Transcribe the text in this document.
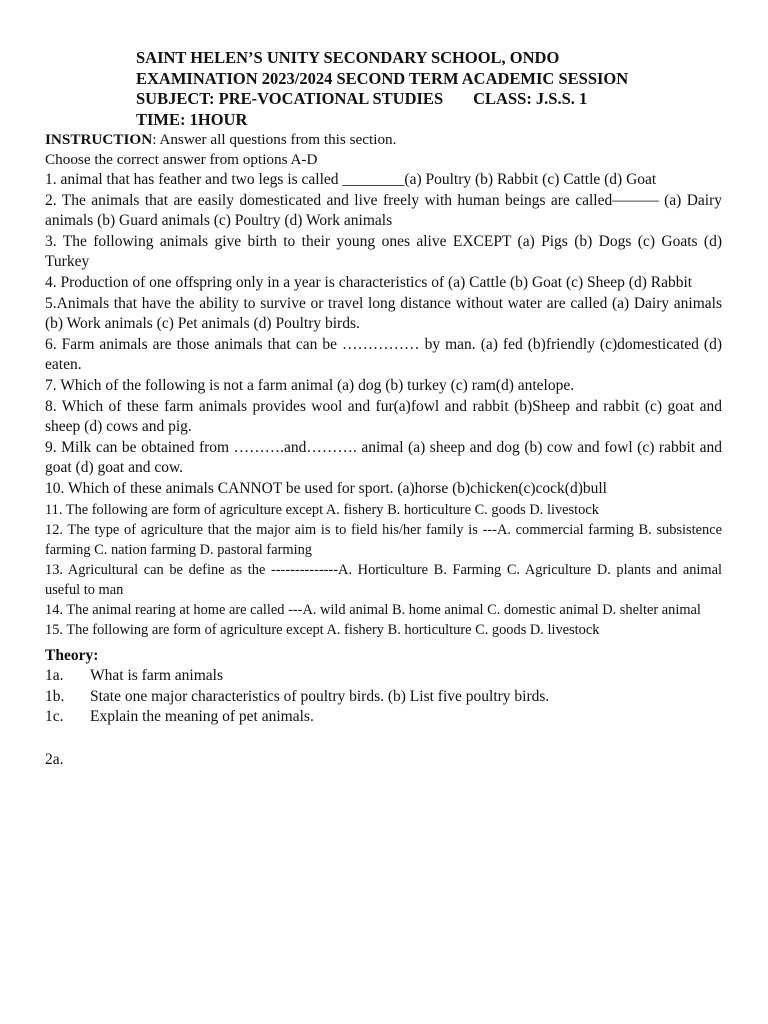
SAINT HELEN’S UNITY SECONDARY SCHOOL, ONDO
EXAMINATION 2023/2024 SECOND TERM ACADEMIC SESSION
SUBJECT: PRE-VOCATIONAL STUDIES CLASS: J.S.S. 1
TIME: 1HOUR
INSTRUCTION: Answer all questions from this section.
Choose the correct answer from options A-D
1. animal that has feather and two legs is called ________(a) Poultry (b) Rabbit (c) Cattle (d) Goat
2. The animals that are easily domesticated and live freely with human beings are called——— (a) Dairy animals (b) Guard animals (c) Poultry (d) Work animals
3. The following animals give birth to their young ones alive EXCEPT (a) Pigs (b) Dogs (c) Goats (d) Turkey
4. Production of one offspring only in a year is characteristics of (a) Cattle (b) Goat (c) Sheep (d) Rabbit
5.Animals that have the ability to survive or travel long distance without water are called (a) Dairy animals (b) Work animals (c) Pet animals (d) Poultry birds.
6. Farm animals are those animals that can be …………… by man. (a) fed (b)friendly (c)domesticated (d) eaten.
7. Which of the following is not a farm animal (a) dog (b) turkey (c) ram(d) antelope.
8. Which of these farm animals provides wool and fur(a)fowl and rabbit (b)Sheep and rabbit (c) goat and sheep (d) cows and pig.
9. Milk can be obtained from ……….and………. animal (a) sheep and dog (b) cow and fowl (c) rabbit and goat (d) goat and cow.
10. Which of these animals CANNOT be used for sport. (a)horse (b)chicken(c)cock(d)bull
11. The following are form of agriculture except A. fishery B. horticulture C. goods D. livestock
12. The type of agriculture that the major aim is to field his/her family is ---A. commercial farming B. subsistence farming C. nation farming D. pastoral farming
13. Agricultural can be define as the --------------A. Horticulture B. Farming C. Agriculture D. plants and animal useful to man
14. The animal rearing at home are called ---A. wild animal B. home animal C. domestic animal D. shelter animal
15. The following are form of agriculture except A. fishery B. horticulture C. goods D. livestock
Theory:
1a. What is farm animals
1b. State one major characteristics of poultry birds. (b) List five poultry birds.
1c. Explain the meaning of pet animals.
2a.
